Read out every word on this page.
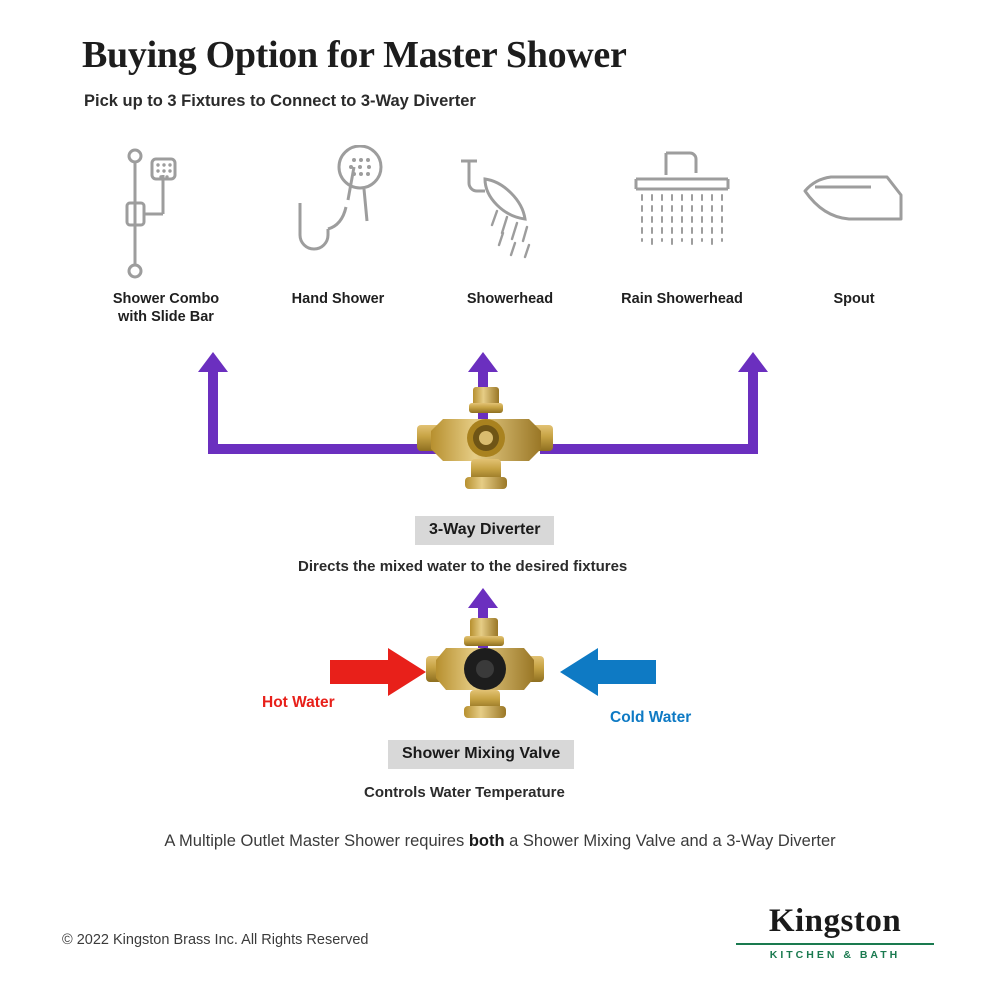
Buying Option for Master Shower
Pick up to 3 Fixtures to Connect to 3-Way Diverter
Shower Combo
with Slide Bar
Hand Shower	Showerhead	Rain Showerhead	Spout
3-Way Diverter
Directs the mixed water to the desired fixtures
Hot Water
Cold Water
Shower Mixing Valve
Controls Water Temperature
A Multiple Outlet Master Shower requires both a Shower Mixing Valve and a 3-Way Diverter
© 2022 Kingston Brass Inc. All Rights Reserved
Kingston
KITCHEN & BATH
